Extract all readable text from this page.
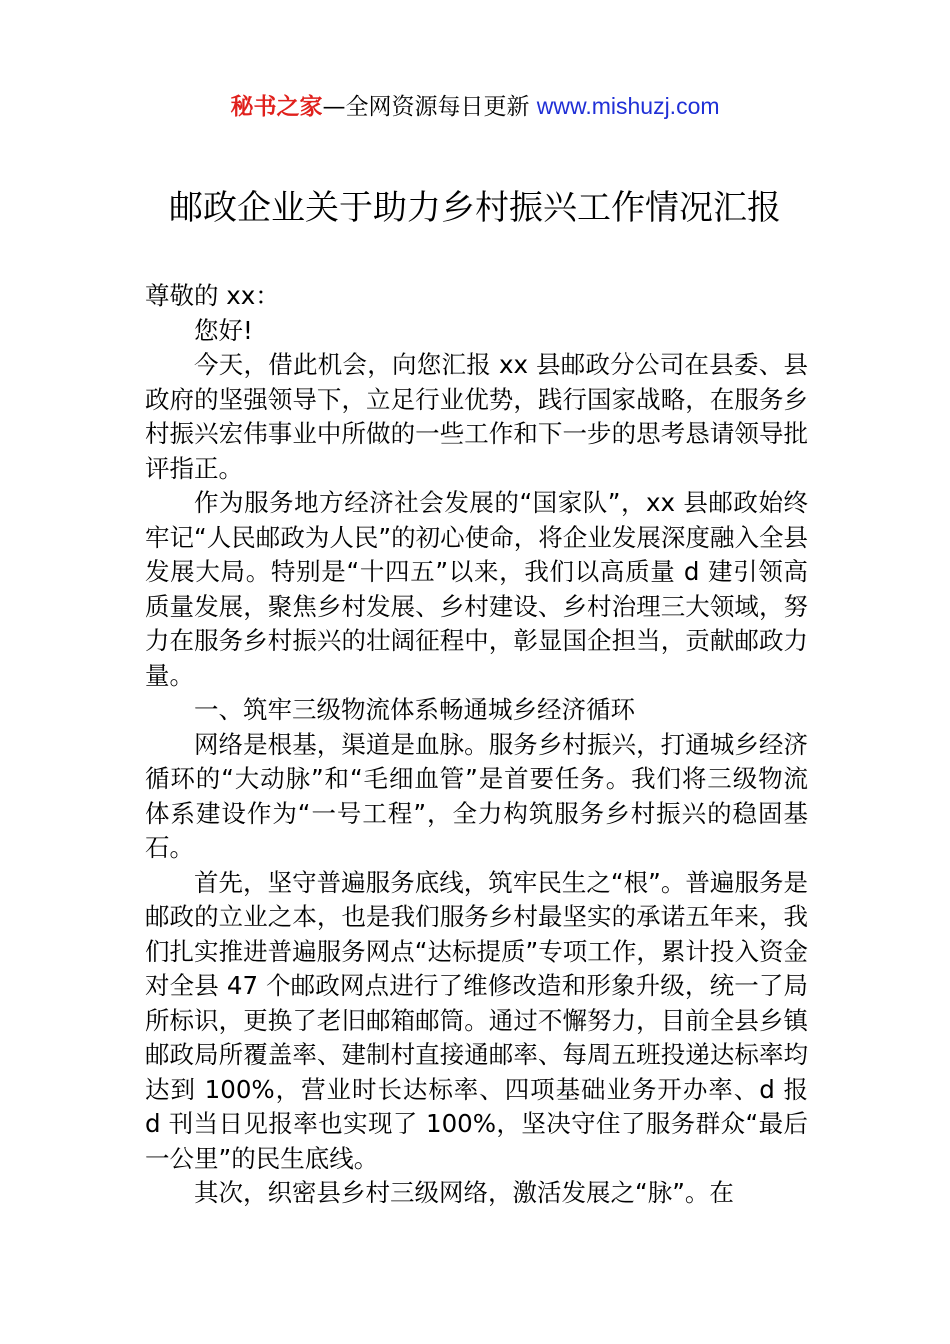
秘书之家—全网资源每日更新 www.mishuzj.com
邮政企业关于助力乡村振兴工作情况汇报

尊敬的 xx：

您好!

今天，借此机会，向您汇报 xx 县邮政分公司在县委、县政府的坚强领导下，立足行业优势，践行国家战略，在服务乡村振兴宏伟事业中所做的一些工作和下一步的思考恳请领导批评指正。

作为服务地方经济社会发展的“国家队”，xx 县邮政始终牢记“人民邮政为人民”的初心使命，将企业发展深度融入全县发展大局。特别是“十四五”以来，我们以高质量 d 建引领高质量发展，聚焦乡村发展、乡村建设、乡村治理三大领域，努力在服务乡村振兴的壮阔征程中，彰显国企担当，贡献邮政力量。

一、筑牢三级物流体系畅通城乡经济循环

网络是根基，渠道是血脉。服务乡村振兴，打通城乡经济循环的“大动脉”和“毛细血管”是首要任务。我们将三级物流体系建设作为“一号工程”，全力构筑服务乡村振兴的稳固基石。

首先，坚守普遍服务底线，筑牢民生之“根”。普遍服务是邮政的立业之本，也是我们服务乡村最坚实的承诺五年来，我们扎实推进普遍服务网点“达标提质”专项工作，累计投入资金对全县 47 个邮政网点进行了维修改造和形象升级，统一了局所标识，更换了老旧邮箱邮筒。通过不懈努力，目前全县乡镇邮政局所覆盖率、建制村直接通邮率、每周五班投递达标率均达到 100%，营业时长达标率、四项基础业务开办率、d 报 d 刊当日见报率也实现了 100%，坚决守住了服务群众“最后一公里”的民生底线。

其次，织密县乡村三级网络，激活发展之“脉”。在
